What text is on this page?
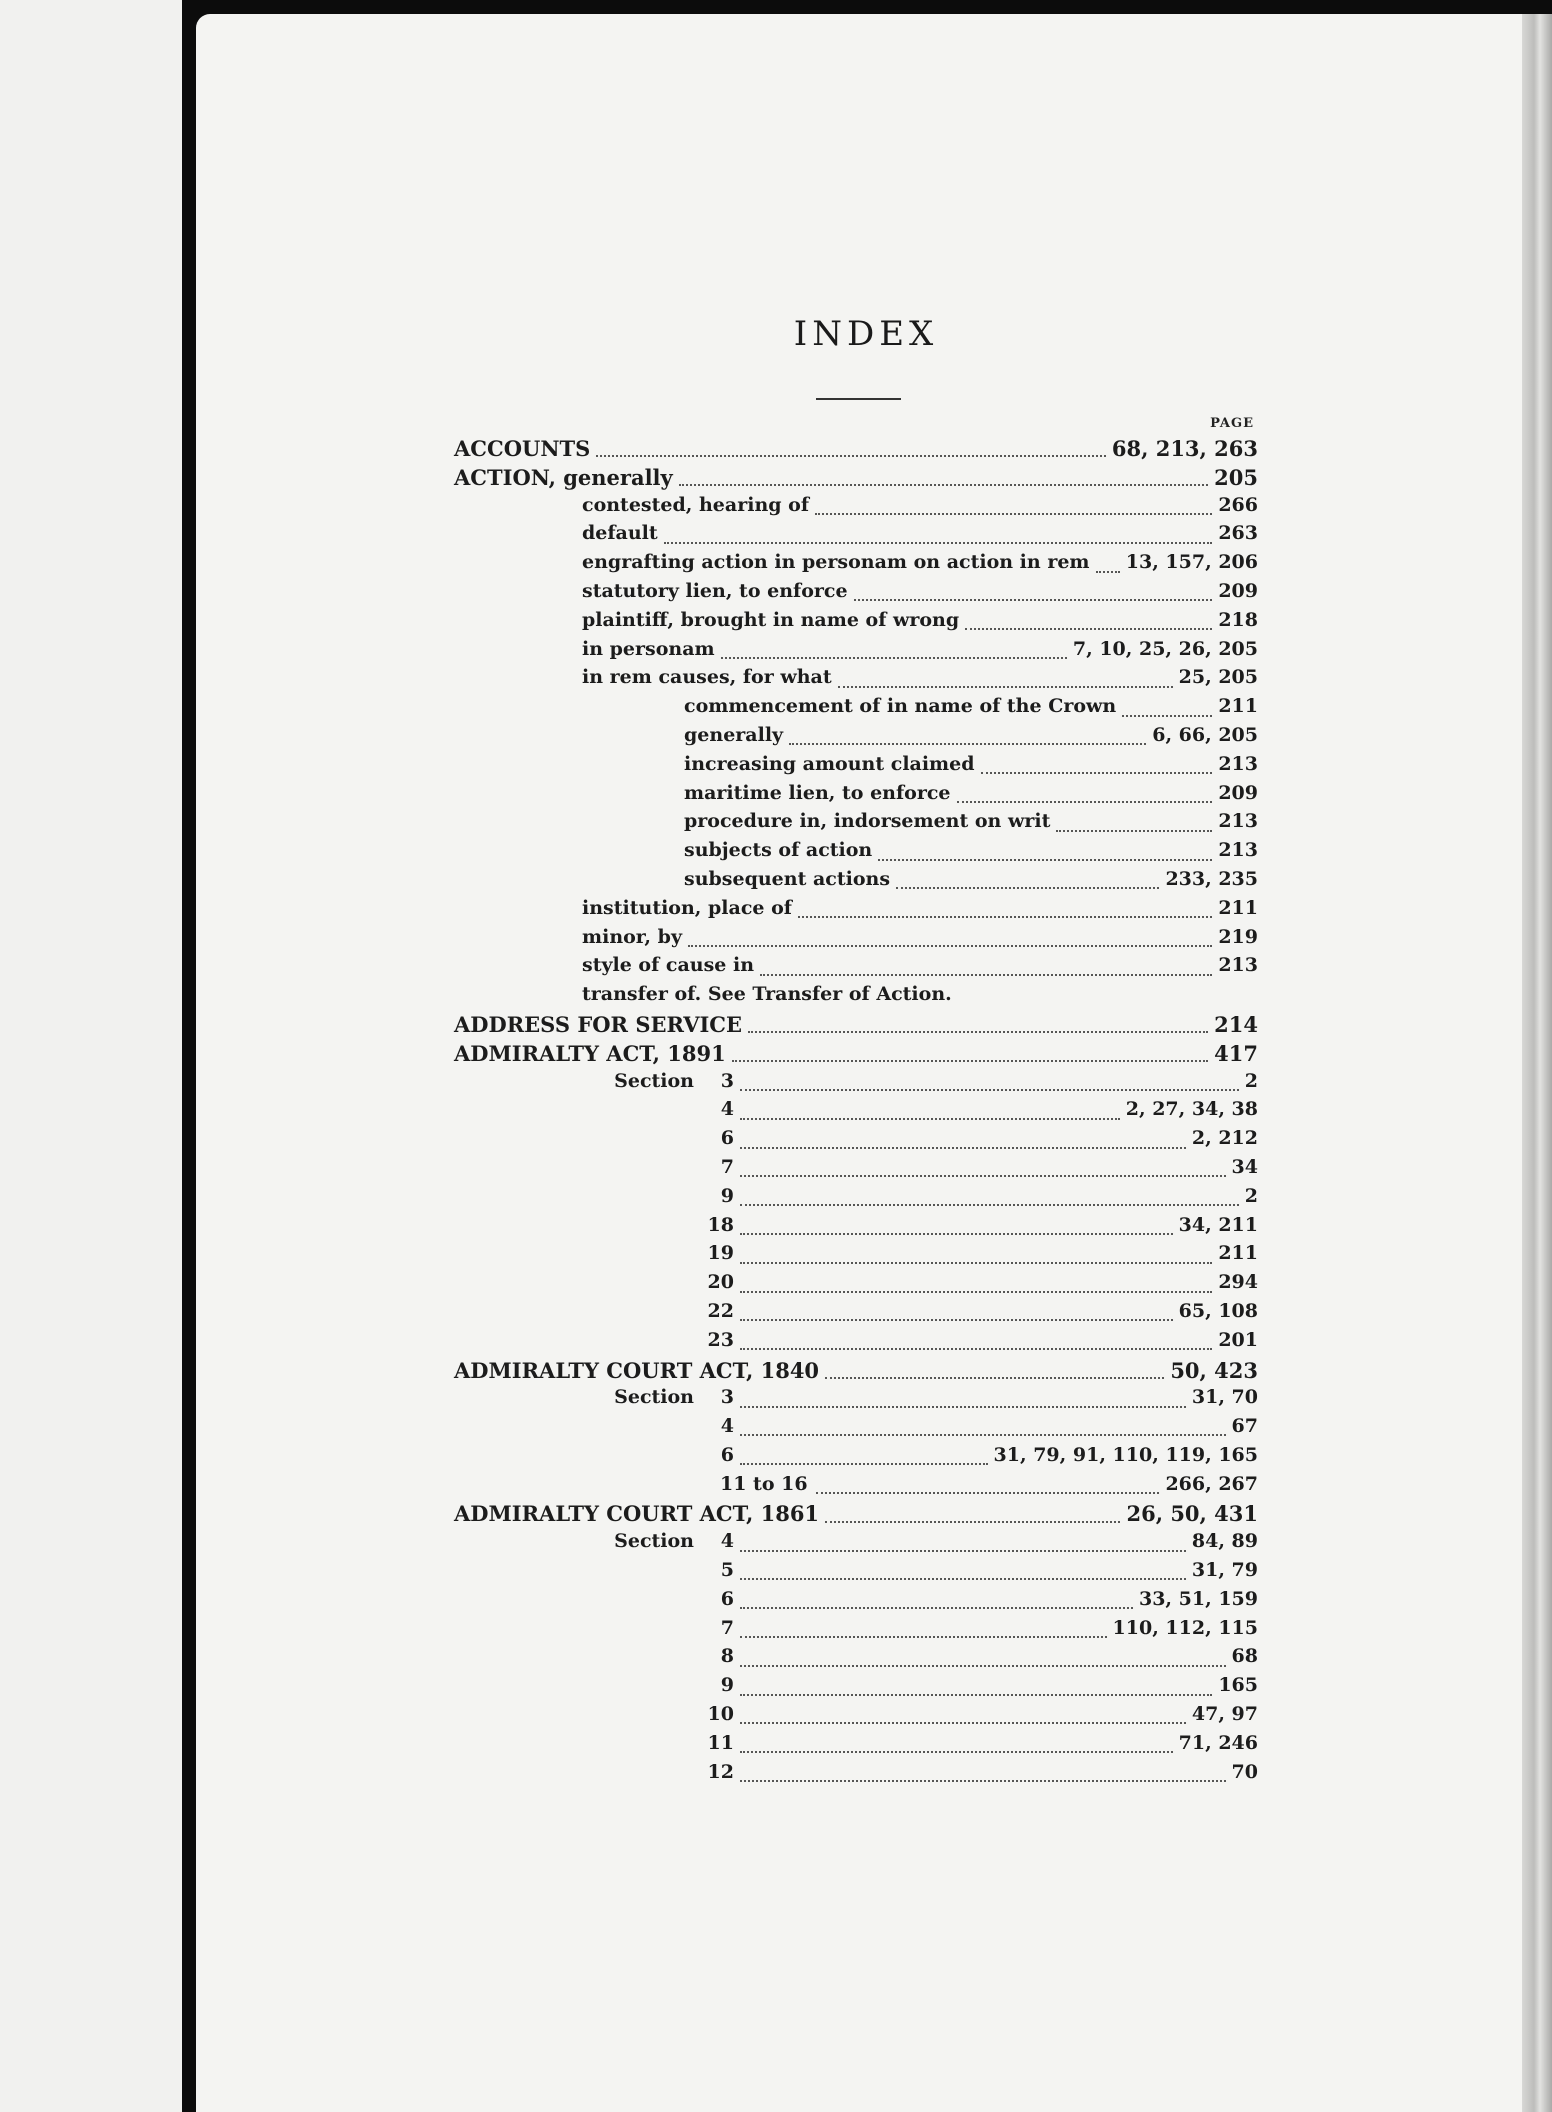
INDEX
PAGE
ACCOUNTS	68, 213, 263
ACTION, generally	205
contested, hearing of	266
default	263
engrafting action in personam on action in rem 13, 157, 206
statutory lien, to enforce	209
plaintiff, brought in name of wrong	218
in personam	7, 10, 25, 26, 205
in rem causes, for what	25, 205
commencement of in name of the Crown	211
generally	6, 66, 205
increasing amount claimed	213
maritime lien, to enforce	209
procedure in, indorsement on writ	213
subjects of action	213
subsequent actions	233, 235
institution, place of	211
minor, by	219
style of cause in	213
transfer of. See Transfer of Action.
ADDRESS FOR SERVICE	214
ADMIRALTY ACT, 1891	417
Section	3	2
4	2, 27, 34, 38
6	2, 212
7	34
9	2
18	34, 211
19	211
20	294
22	65, 108
23	201
ADMIRALTY COURT ACT, 1840	50, 423
Section	3	31, 70
4	67
6	31, 79, 91, 110, 119, 165
11 to 16	266, 267
ADMIRALTY COURT ACT, 1861	26, 50, 431
Section	4	84, 89
5	31, 79
6	33, 51, 159
7	110, 112, 115
8	68
9	165
10	47, 97
11	71, 246
12	70
